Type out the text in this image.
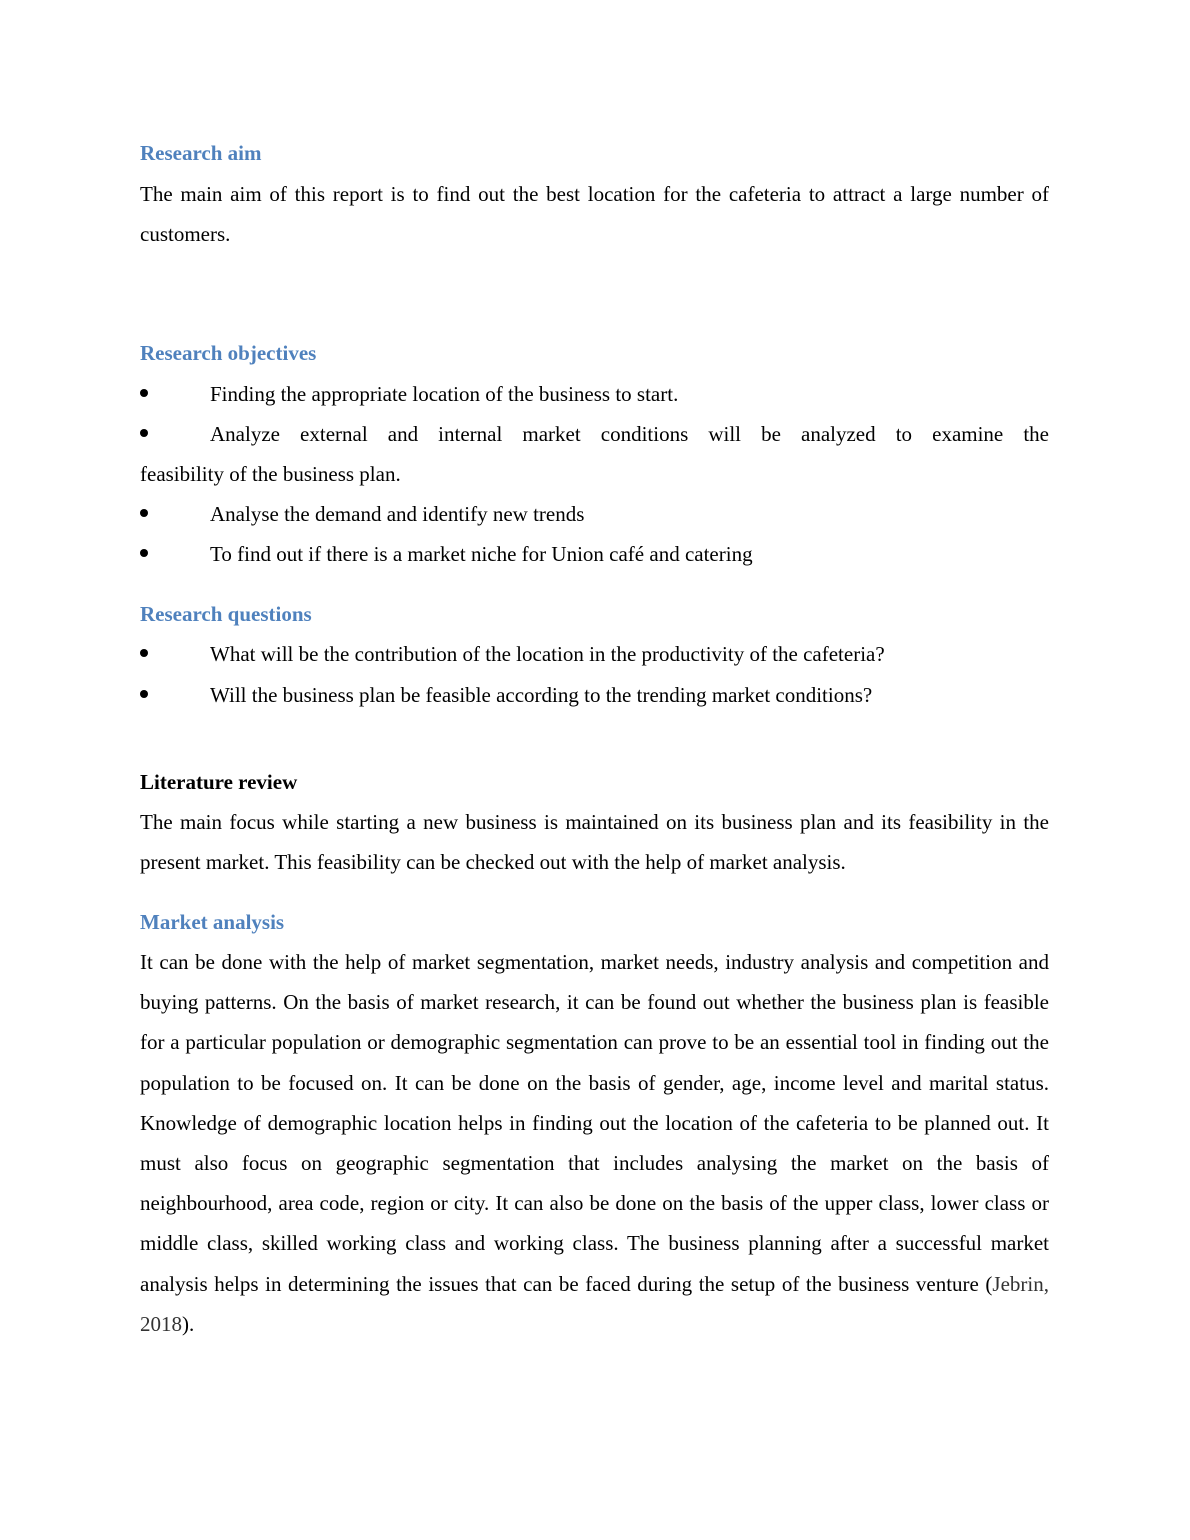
Research aim
The main aim of this report is to find out the best location for the cafeteria to attract a large number of customers.
Research objectives
Finding the appropriate location of the business to start.
Analyze external and internal market conditions will be analyzed to examine the
feasibility of the business plan.
Analyse the demand and identify new trends
To find out if there is a market niche for Union café and catering
Research questions
What will be the contribution of the location in the productivity of the cafeteria?
Will the business plan be feasible according to the trending market conditions?
Literature review
The main focus while starting a new business is maintained on its business plan and its feasibility in the present market. This feasibility can be checked out with the help of market analysis.
Market analysis
It can be done with the help of market segmentation, market needs, industry analysis and competition and buying patterns. On the basis of market research, it can be found out whether the business plan is feasible for a particular population or demographic segmentation can prove to be an essential tool in finding out the population to be focused on. It can be done on the basis of gender, age, income level and marital status. Knowledge of demographic location helps in finding out the location of the cafeteria to be planned out. It must also focus on geographic segmentation that includes analysing the market on the basis of neighbourhood, area code, region or city. It can also be done on the basis of the upper class, lower class or middle class, skilled working class and working class. The business planning after a successful market analysis helps in determining the issues that can be faced during the setup of the business venture (Jebrin, 2018).
